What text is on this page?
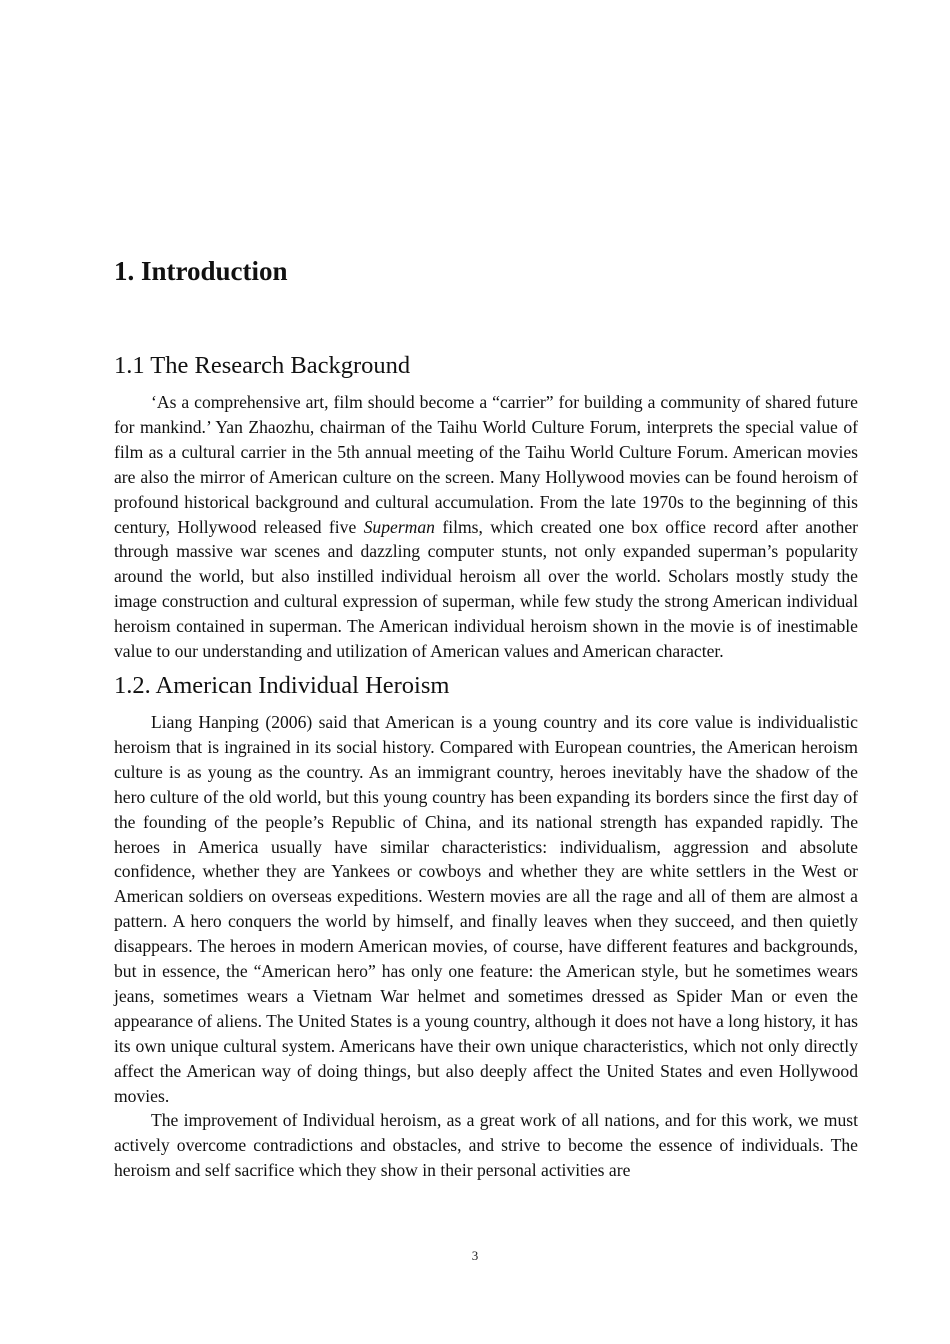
1. Introduction
1.1 The Research Background

‘As a comprehensive art, film should become a “carrier” for building a community of shared future for mankind.’ Yan Zhaozhu, chairman of the Taihu World Culture Forum, interprets the special value of film as a cultural carrier in the 5th annual meeting of the Taihu World Culture Forum. American movies are also the mirror of American culture on the screen. Many Hollywood movies can be found heroism of profound historical background and cultural accumulation. From the late 1970s to the beginning of this century, Hollywood released five Superman films, which created one box office record after another through massive war scenes and dazzling computer stunts, not only expanded superman’s popularity around the world, but also instilled individual heroism all over the world. Scholars mostly study the image construction and cultural expression of superman, while few study the strong American individual heroism contained in superman. The American individual heroism shown in the movie is of inestimable value to our understanding and utilization of American values and American character.

1.2. American Individual Heroism

Liang Hanping (2006) said that American is a young country and its core value is individualistic heroism that is ingrained in its social history. Compared with European countries, the American heroism culture is as young as the country. As an immigrant country, heroes inevitably have the shadow of the hero culture of the old world, but this young country has been expanding its borders since the first day of the founding of the people’s Republic of China, and its national strength has expanded rapidly. The heroes in America usually have similar characteristics: individualism, aggression and absolute confidence, whether they are Yankees or cowboys and whether they are white settlers in the West or American soldiers on overseas expeditions. Western movies are all the rage and all of them are almost a pattern. A hero conquers the world by himself, and finally leaves when they succeed, and then quietly disappears. The heroes in modern American movies, of course, have different features and backgrounds, but in essence, the “American hero” has only one feature: the American style, but he sometimes wears jeans, sometimes wears a Vietnam War helmet and sometimes dressed as Spider Man or even the appearance of aliens. The United States is a young country, although it does not have a long history, it has its own unique cultural system. Americans have their own unique characteristics, which not only directly affect the American way of doing things, but also deeply affect the United States and even Hollywood movies.

The improvement of Individual heroism, as a great work of all nations, and for this work, we must actively overcome contradictions and obstacles, and strive to become the essence of individuals. The heroism and self sacrifice which they show in their personal activities are

3
